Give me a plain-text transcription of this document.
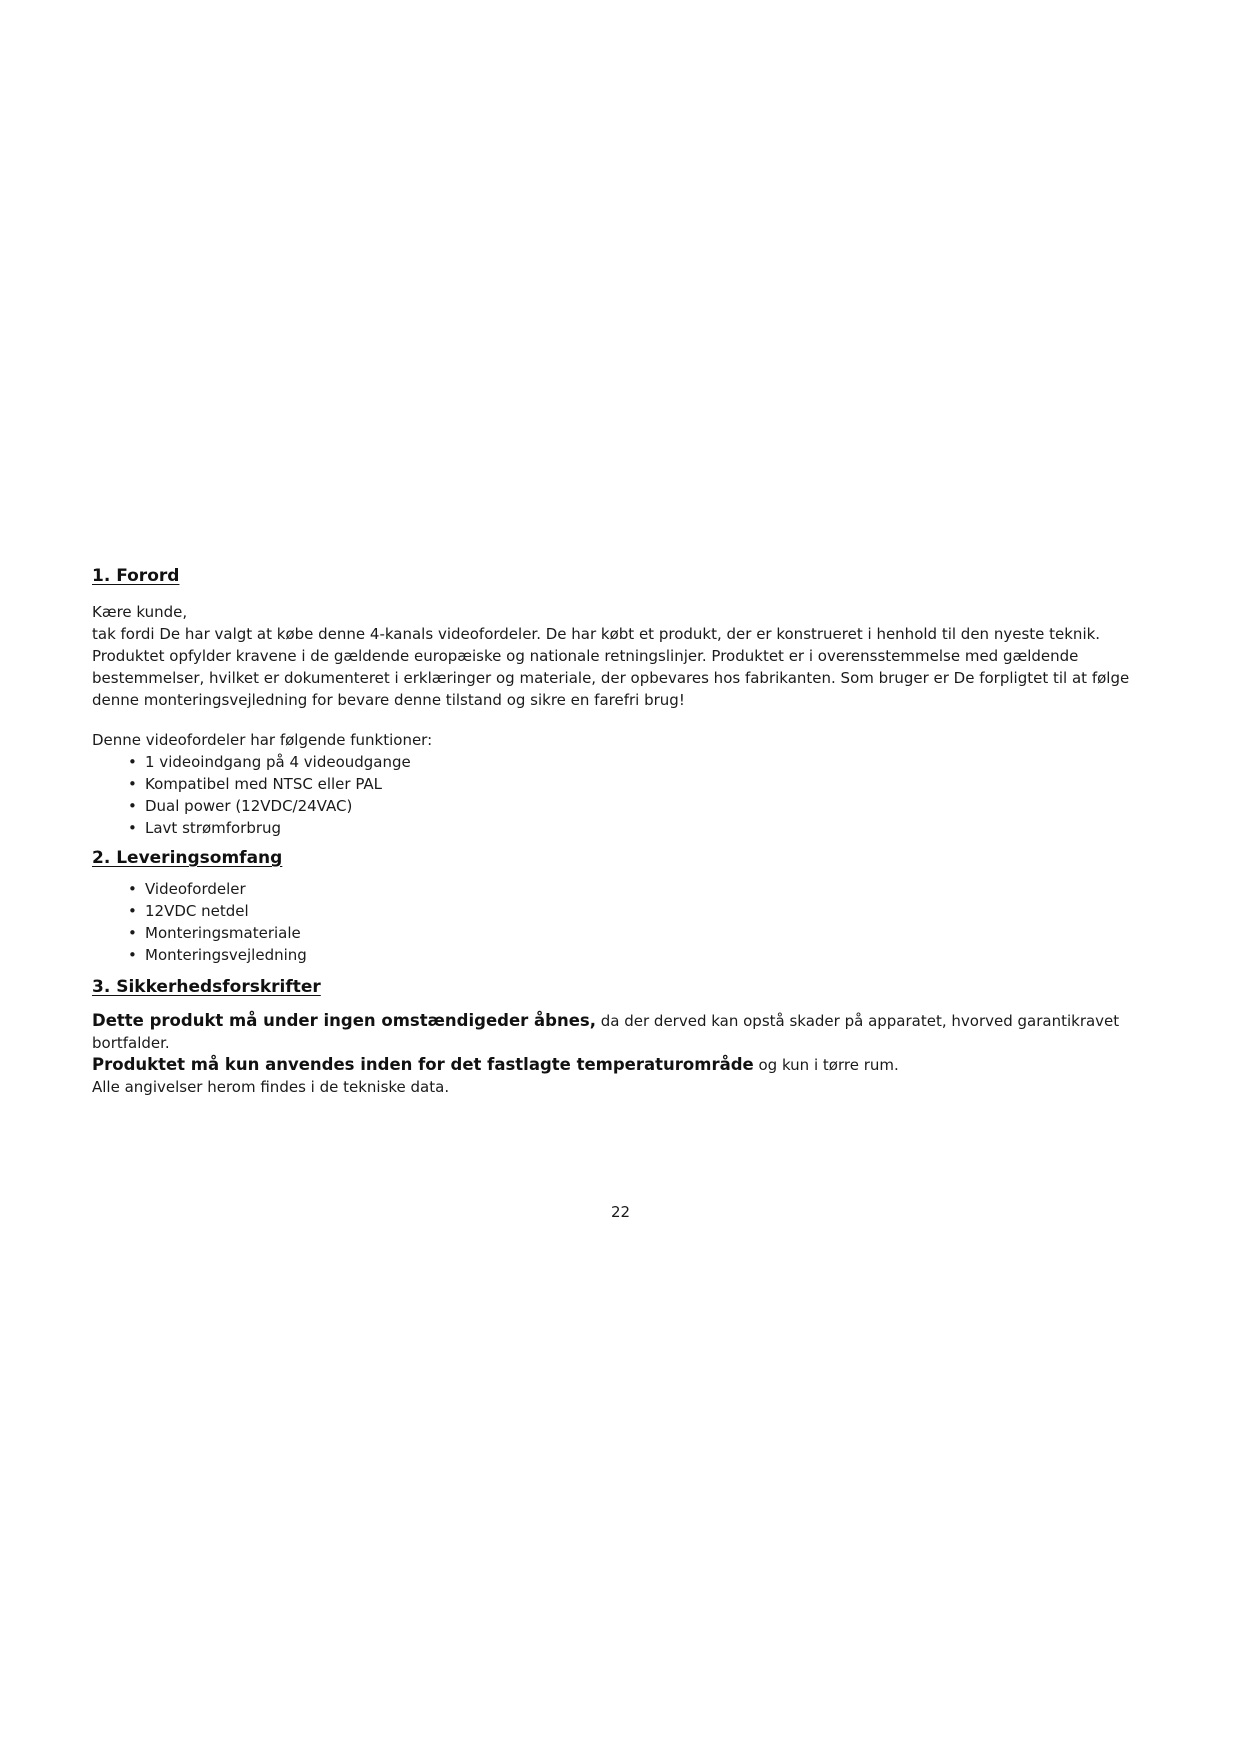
1. Forord

Kære kunde,

tak fordi De har valgt at købe denne 4-kanals videofordeler. De har købt et produkt, der er konstrueret i henhold til den nyeste teknik. Produktet opfylder kravene i de gældende europæiske og nationale retningslinjer. Produktet er i overensstemmelse med gældende bestemmelser, hvilket er dokumenteret i erklæringer og materiale, der opbevares hos fabrikanten. Som bruger er De forpligtet til at følge denne monteringsvejledning for bevare denne tilstand og sikre en farefri brug!

Denne videofordeler har følgende funktioner:

• 1 videoindgang på 4 videoudgange
• Kompatibel med NTSC eller PAL
• Dual power (12VDC/24VAC)
• Lavt strømforbrug
2. Leveringsomfang
• Videofordeler
• 12VDC netdel
• Monteringsmateriale
• Monteringsvejledning
3. Sikkerhedsforskrifter

Dette produkt må under ingen omstændigeder åbnes, da der derved kan opstå skader på apparatet, hvorved garantikravet bortfalder.

Produktet må kun anvendes inden for det fastlagte temperaturområde og kun i tørre rum.

Alle angivelser herom findes i de tekniske data.

22
